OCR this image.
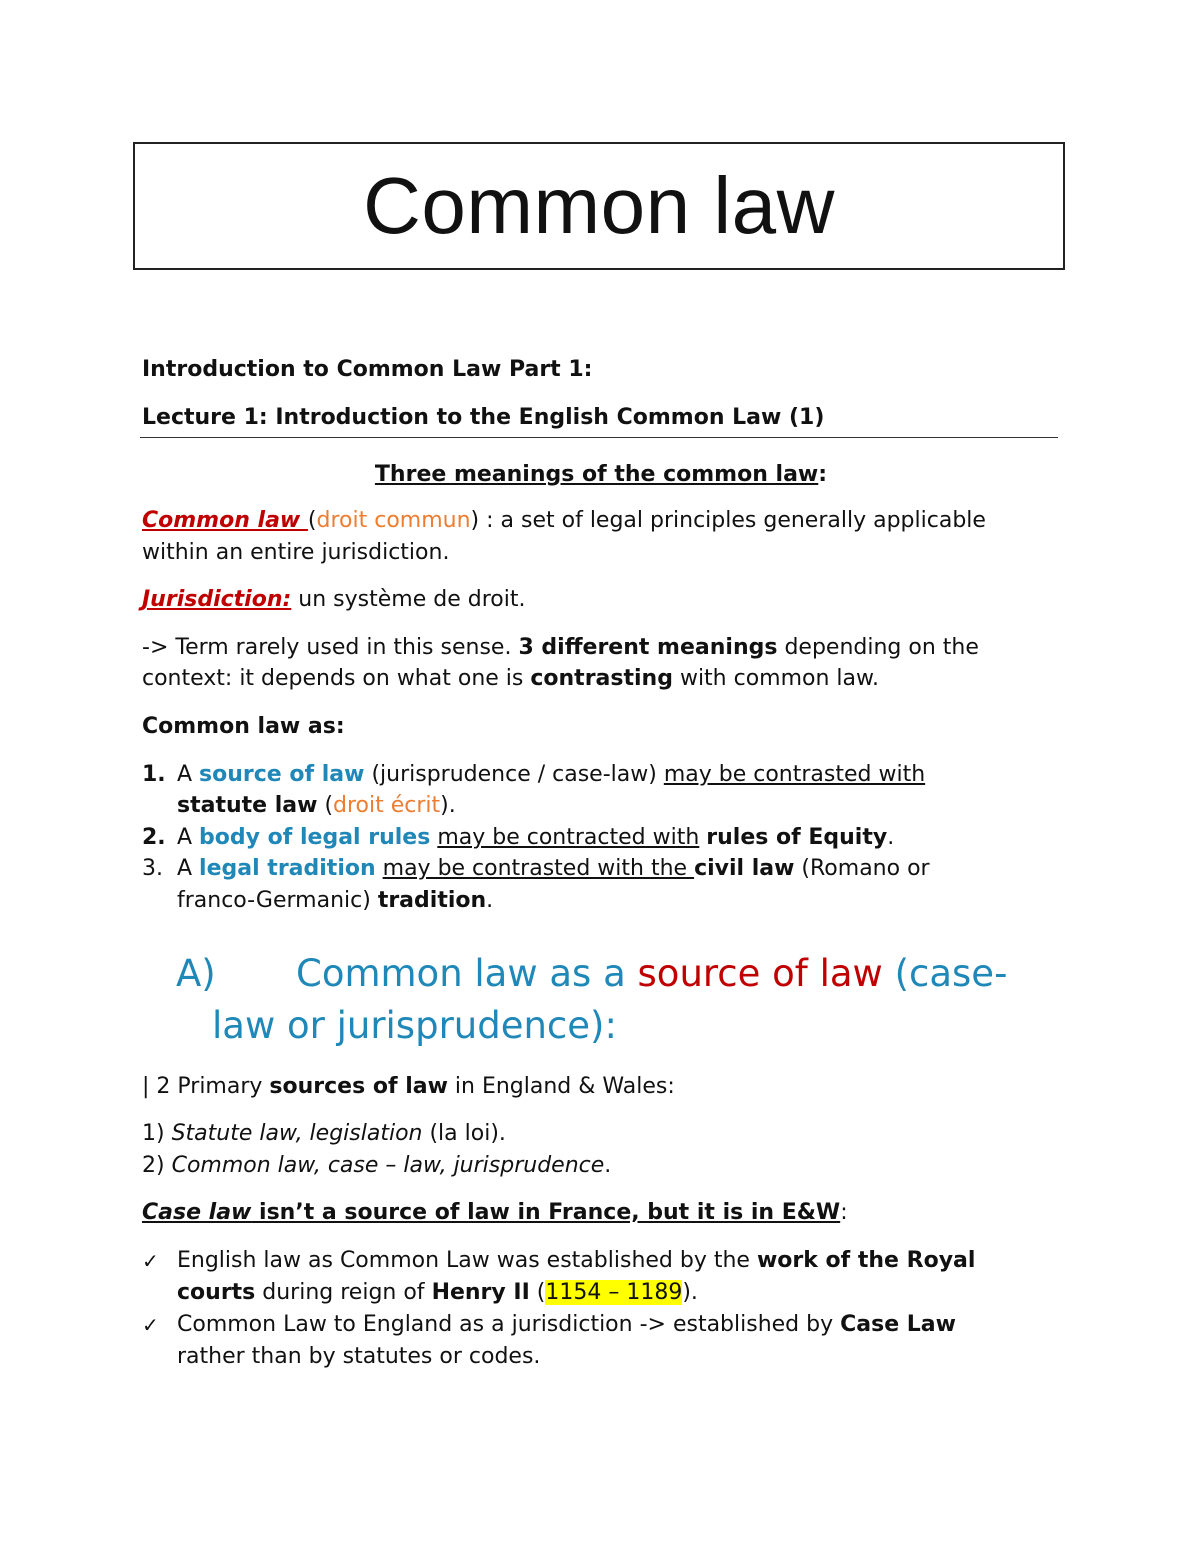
Common law
Introduction to Common Law Part 1:
Lecture 1: Introduction to the English Common Law (1)
Three meanings of the common law:
Common law (droit commun) : a set of legal principles generally applicable
within an entire jurisdiction.
Jurisdiction: un système de droit.
-> Term rarely used in this sense. 3 different meanings depending on the
context: it depends on what one is contrasting with common law.
Common law as:
1. A source of law (jurisprudence / case-law) may be contrasted with
statute law (droit écrit).
2. A body of legal rules may be contracted with rules of Equity.
3. A legal tradition may be contrasted with the civil law (Romano or
franco-Germanic) tradition.
A) Common law as a source of law (case-
law or jurisprudence):
| 2 Primary sources of law in England & Wales:
1) Statute law, legislation (la loi).
2) Common law, case – law, jurisprudence.
Case law isn’t a source of law in France, but it is in E&W:
✓ English law as Common Law was established by the work of the Royal
courts during reign of Henry II (1154 – 1189).
✓ Common Law to England as a jurisdiction -> established by Case Law
rather than by statutes or codes.
